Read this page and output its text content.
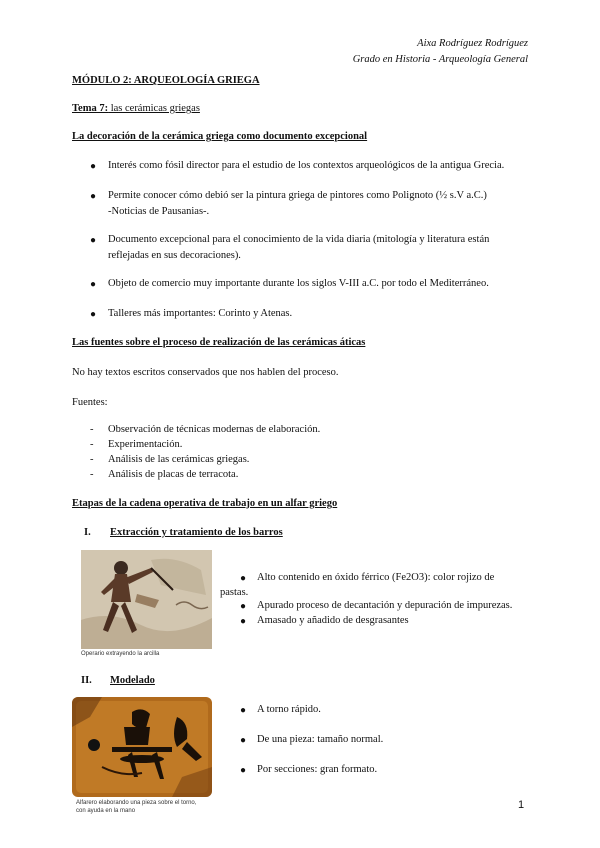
Aixa Rodríguez Rodríguez
Grado en Historia - Arqueología General
MÓDULO 2: ARQUEOLOGÍA GRIEGA
Tema 7: las cerámicas griegas
La decoración de la cerámica griega como documento excepcional
● Interés como fósil director para el estudio de los contextos arqueológicos de la antigua Grecia.
● Permite conocer cómo debió ser la pintura griega de pintores como Polignoto (½ s.V a.C.)
-Noticias de Pausanias-.
● Documento excepcional para el conocimiento de la vida diaria (mitología y literatura están
reflejadas en sus decoraciones).
● Objeto de comercio muy importante durante los siglos V-III a.C. por todo el Mediterráneo.
● Talleres más importantes: Corinto y Atenas.
Las fuentes sobre el proceso de realización de las cerámicas áticas
No hay textos escritos conservados que nos hablen del proceso.
Fuentes:
- Observación de técnicas modernas de elaboración.
- Experimentación.
- Análisis de las cerámicas griegas.
- Análisis de placas de terracota.
Etapas de la cadena operativa de trabajo en un alfar griego
I. Extracción y tratamiento de los barros
Operario extrayendo la arcilla
● Alto contenido en óxido férrico (Fe2O3): color rojizo de
pastas.
● Apurado proceso de decantación y depuración de impurezas.
● Amasado y añadido de desgrasantes
II. Modelado
Alfarero elaborando una pieza sobre el torno,
con ayuda en la mano
● A torno rápido.
● De una pieza: tamaño normal.
● Por secciones: gran formato.
1
